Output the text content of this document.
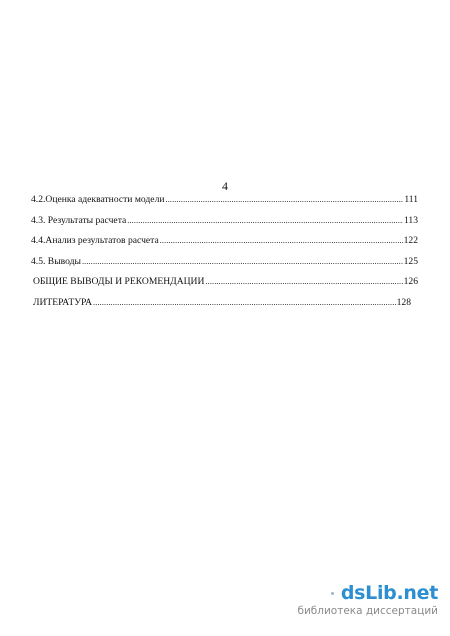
4
4.2.Оценка адекватности модели .....	111
4.3. Результаты расчета .....	113
4.4.Анализ результатов расчета .....	122
4.5. Выводы .....	125
ОБЩИЕ ВЫВОДЫ И РЕКОМЕНДАЦИИ .....	126
ЛИТЕРАТУРА .....	128
dsLib.net
библиотека диссертаций
